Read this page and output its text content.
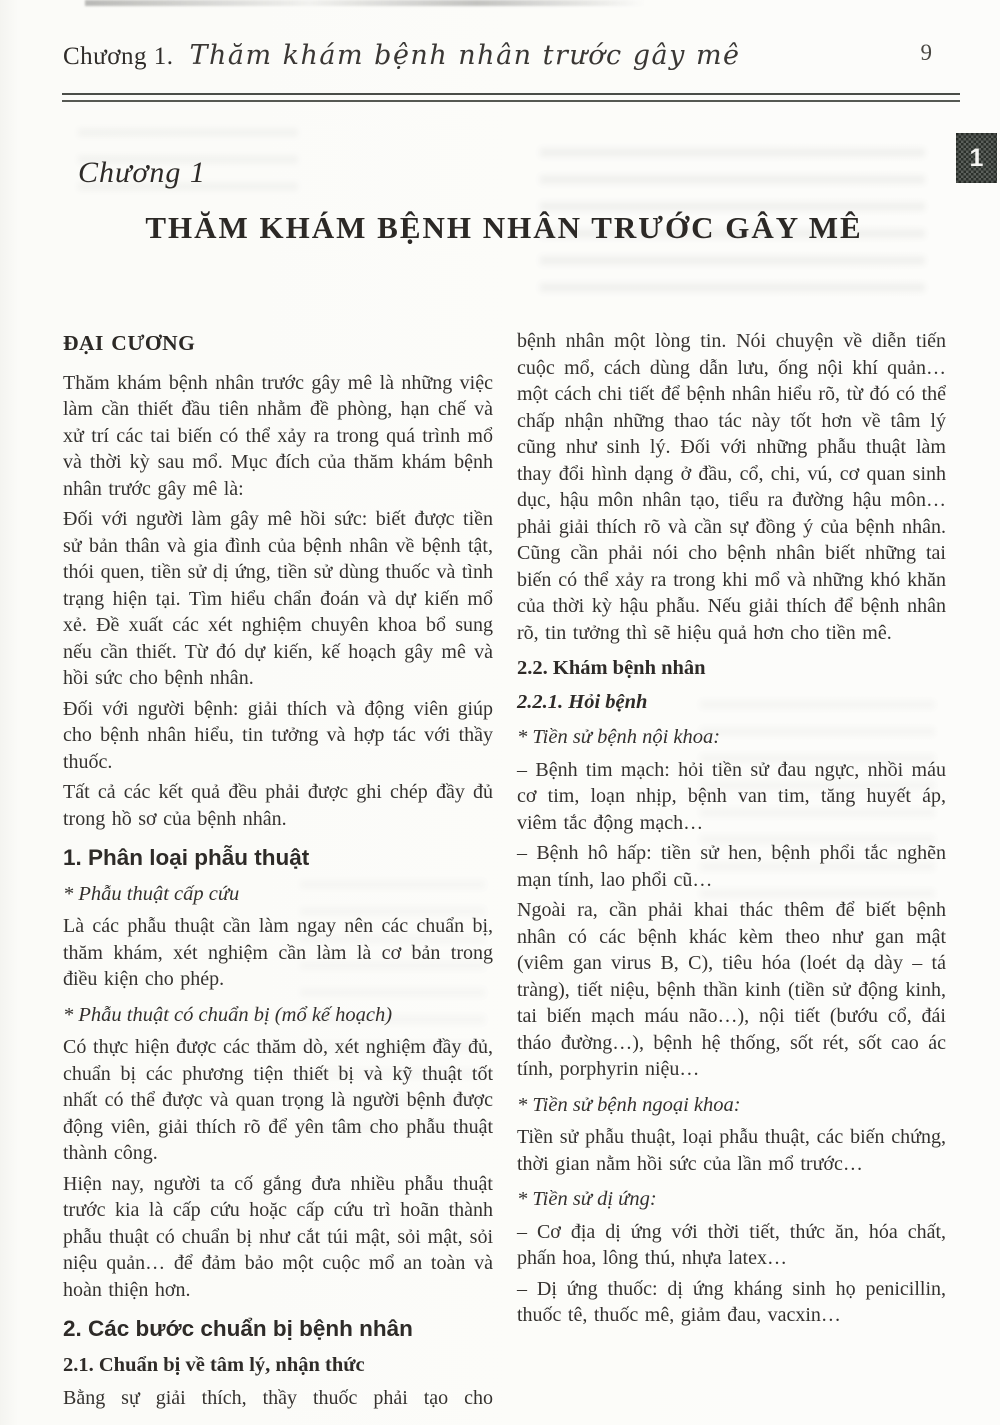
Chương 1. Thăm khám bệnh nhân trước gây mê	9
1
Chương 1
THĂM KHÁM BỆNH NHÂN TRƯỚC GÂY MÊ
ĐẠI CƯƠNG
Thăm khám bệnh nhân trước gây mê là những việc làm cần thiết đầu tiên nhằm đề phòng, hạn chế và xử trí các tai biến có thể xảy ra trong quá trình mổ và thời kỳ sau mổ. Mục đích của thăm khám bệnh nhân trước gây mê là:
Đối với người làm gây mê hồi sức: biết được tiền sử bản thân và gia đình của bệnh nhân về bệnh tật, thói quen, tiền sử dị ứng, tiền sử dùng thuốc và tình trạng hiện tại. Tìm hiểu chẩn đoán và dự kiến mổ xẻ. Đề xuất các xét nghiệm chuyên khoa bổ sung nếu cần thiết. Từ đó dự kiến, kế hoạch gây mê và hồi sức cho bệnh nhân.
Đối với người bệnh: giải thích và động viên giúp cho bệnh nhân hiểu, tin tưởng và hợp tác với thầy thuốc.
Tất cả các kết quả đều phải được ghi chép đầy đủ trong hồ sơ của bệnh nhân.
1. Phân loại phẫu thuật
* Phẫu thuật cấp cứu
Là các phẫu thuật cần làm ngay nên các chuẩn bị, thăm khám, xét nghiệm cần làm là cơ bản trong điều kiện cho phép.
* Phẫu thuật có chuẩn bị (mổ kế hoạch)
Có thực hiện được các thăm dò, xét nghiệm đầy đủ, chuẩn bị các phương tiện thiết bị và kỹ thuật tốt nhất có thể được và quan trọng là người bệnh được động viên, giải thích rõ để yên tâm cho phẫu thuật thành công.
Hiện nay, người ta cố gắng đưa nhiều phẫu thuật trước kia là cấp cứu hoặc cấp cứu trì hoãn thành phẫu thuật có chuẩn bị như cắt túi mật, sỏi mật, sỏi niệu quản… để đảm bảo một cuộc mổ an toàn và hoàn thiện hơn.
2. Các bước chuẩn bị bệnh nhân
2.1. Chuẩn bị về tâm lý, nhận thức
Bằng sự giải thích, thầy thuốc phải tạo cho
bệnh nhân một lòng tin. Nói chuyện về diễn tiến cuộc mổ, cách dùng dẫn lưu, ống nội khí quản… một cách chi tiết để bệnh nhân hiểu rõ, từ đó có thể chấp nhận những thao tác này tốt hơn về tâm lý cũng như sinh lý. Đối với những phẫu thuật làm thay đổi hình dạng ở đầu, cổ, chi, vú, cơ quan sinh dục, hậu môn nhân tạo, tiểu ra đường hậu môn… phải giải thích rõ và cần sự đồng ý của bệnh nhân. Cũng cần phải nói cho bệnh nhân biết những tai biến có thể xảy ra trong khi mổ và những khó khăn của thời kỳ hậu phẫu. Nếu giải thích để bệnh nhân rõ, tin tưởng thì sẽ hiệu quả hơn cho tiền mê.
2.2. Khám bệnh nhân
2.2.1. Hỏi bệnh
* Tiền sử bệnh nội khoa:
– Bệnh tim mạch: hỏi tiền sử đau ngực, nhồi máu cơ tim, loạn nhịp, bệnh van tim, tăng huyết áp, viêm tắc động mạch…
– Bệnh hô hấp: tiền sử hen, bệnh phổi tắc nghẽn mạn tính, lao phổi cũ…
Ngoài ra, cần phải khai thác thêm để biết bệnh nhân có các bệnh khác kèm theo như gan mật (viêm gan virus B, C), tiêu hóa (loét dạ dày – tá tràng), tiết niệu, bệnh thần kinh (tiền sử động kinh, tai biến mạch máu não…), nội tiết (bướu cổ, đái tháo đường…), bệnh hệ thống, sốt rét, sốt cao ác tính, porphyrin niệu…
* Tiền sử bệnh ngoại khoa:
Tiền sử phẫu thuật, loại phẫu thuật, các biến chứng, thời gian nằm hồi sức của lần mổ trước…
* Tiền sử dị ứng:
– Cơ địa dị ứng với thời tiết, thức ăn, hóa chất, phấn hoa, lông thú, nhựa latex…
– Dị ứng thuốc: dị ứng kháng sinh họ penicillin, thuốc tê, thuốc mê, giảm đau, vacxin…
